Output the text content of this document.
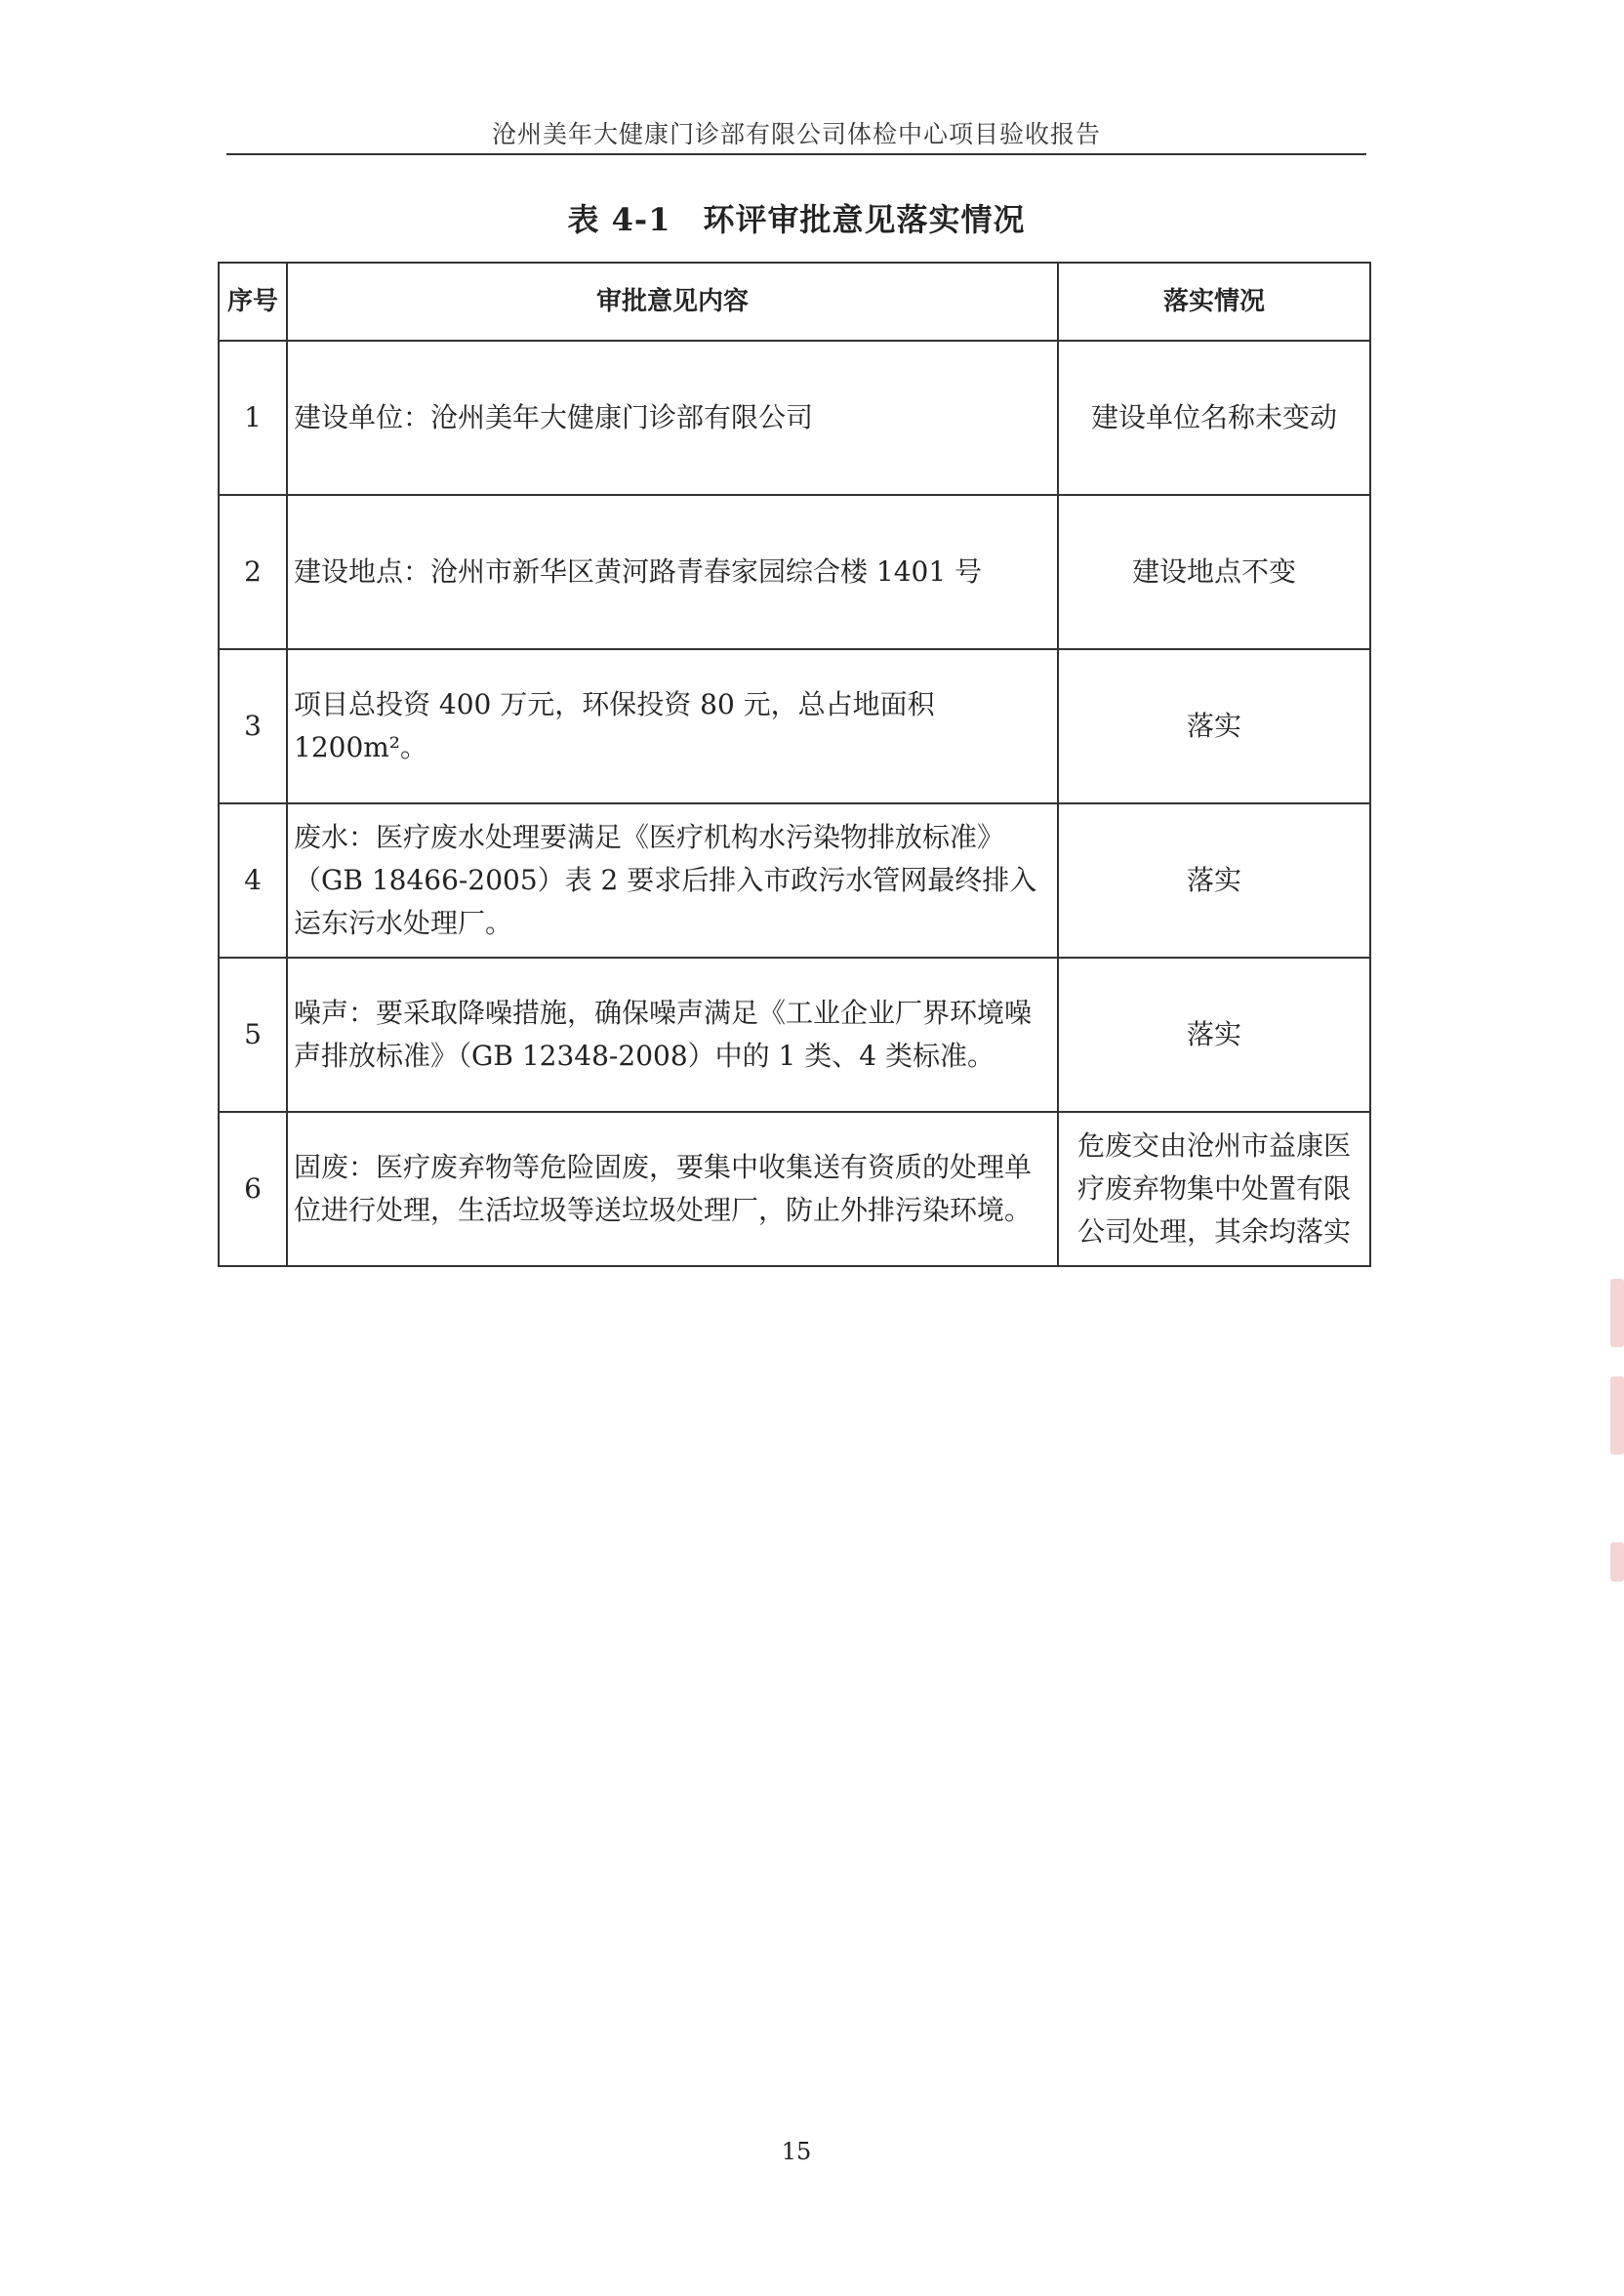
沧州美年大健康门诊部有限公司体检中心项目验收报告
表 4-1　环评审批意见落实情况
序号	审批意见内容	落实情况
1	建设单位：沧州美年大健康门诊部有限公司	建设单位名称未变动
2	建设地点：沧州市新华区黄河路青春家园综合楼 1401 号	建设地点不变
3	项目总投资 400 万元，环保投资 80 元，总占地面积 1200m²。	落实
4	废水：医疗废水处理要满足《医疗机构水污染物排放标准》（GB 18466-2005）表 2 要求后排入市政污水管网最终排入运东污水处理厂。	落实
5	噪声：要采取降噪措施，确保噪声满足《工业企业厂界环境噪声排放标准》（GB 12348-2008）中的 1 类、4 类标准。	落实
6	固废：医疗废弃物等危险固废，要集中收集送有资质的处理单位进行处理，生活垃圾等送垃圾处理厂，防止外排污染环境。	危废交由沧州市益康医疗废弃物集中处置有限公司处理，其余均落实
15
